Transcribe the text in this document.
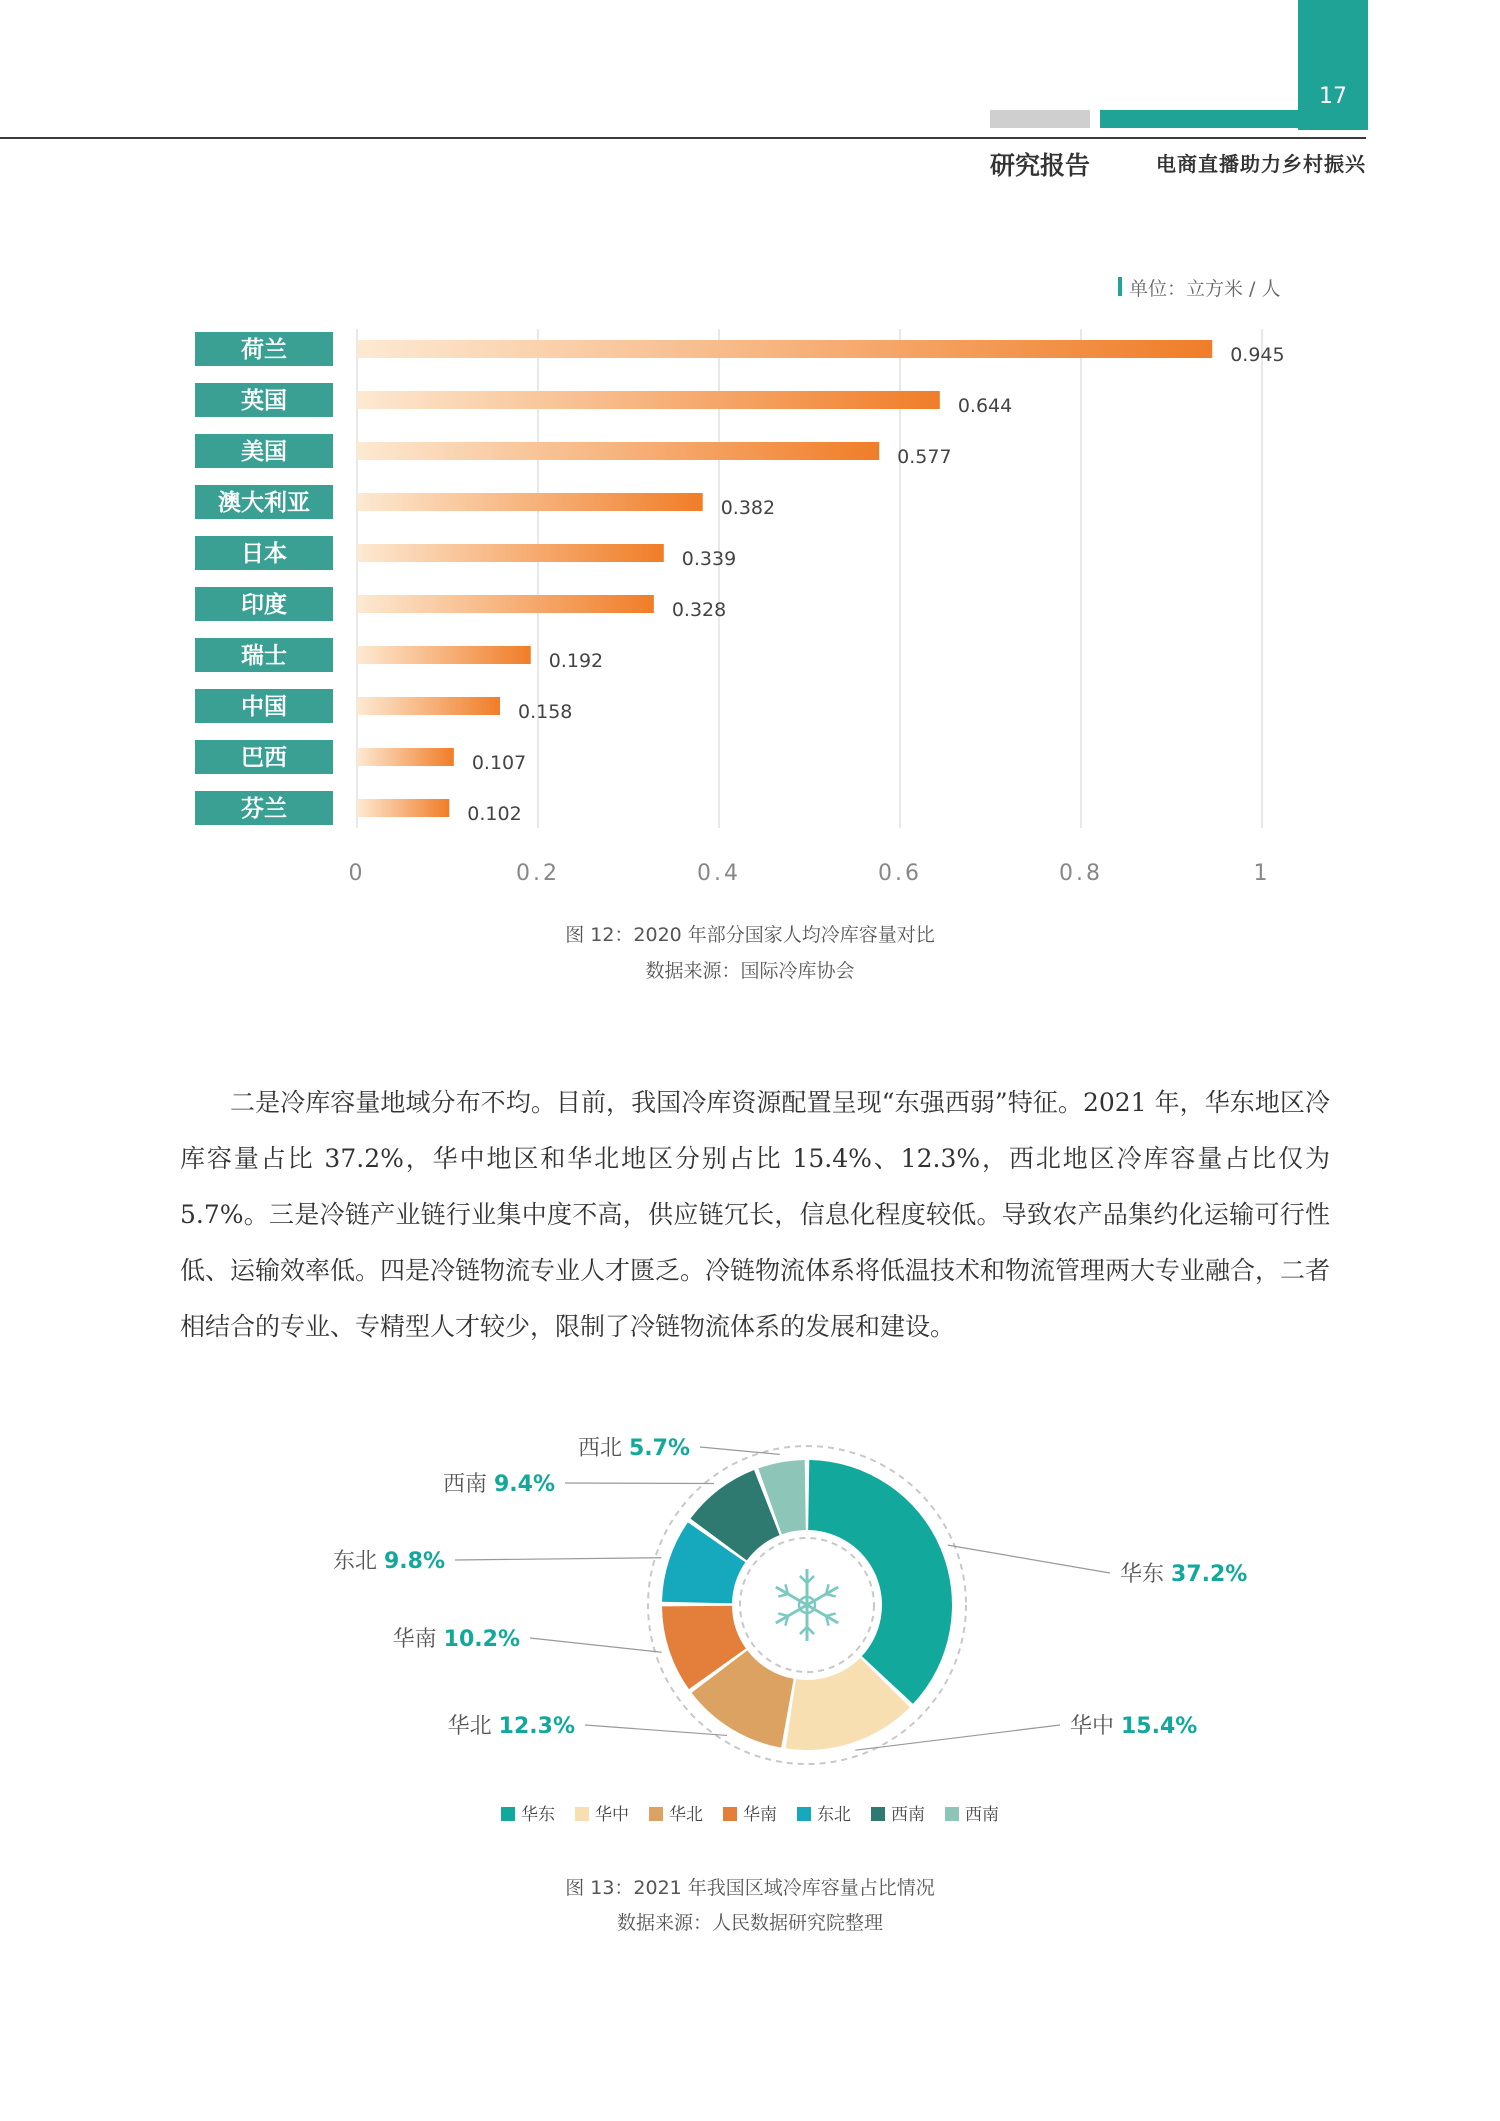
17
研究报告	电商直播助力乡村振兴
单位：立方米 / 人
0	0.2	0.4	0.6	0.8	1
荷兰	0.945
英国	0.644
美国	0.577
澳大利亚	0.382
日本	0.339
印度	0.328
瑞士	0.192
中国	0.158
巴西	0.107
芬兰	0.102
图 12：2020 年部分国家人均冷库容量对比
数据来源：国际冷库协会

二是冷库容量地域分布不均。目前，我国冷库资源配置呈现“东强西弱”特征。2021 年，华东地区冷库容量占比 37.2%，华中地区和华北地区分别占比 15.4%、12.3%，西北地区冷库容量占比仅为 5.7%。三是冷链产业链行业集中度不高，供应链冗长，信息化程度较低。导致农产品集约化运输可行性低、运输效率低。四是冷链物流专业人才匮乏。冷链物流体系将低温技术和物流管理两大专业融合，二者相结合的专业、专精型人才较少，限制了冷链物流体系的发展和建设。

华东 37.2%
华中 15.4%
华北 12.3%
华南 10.2%
东北 9.8%
西南 9.4%
西北 5.7%
华东 华中 华北 华南 东北 西南 西南
图 13：2021 年我国区域冷库容量占比情况
数据来源：人民数据研究院整理
